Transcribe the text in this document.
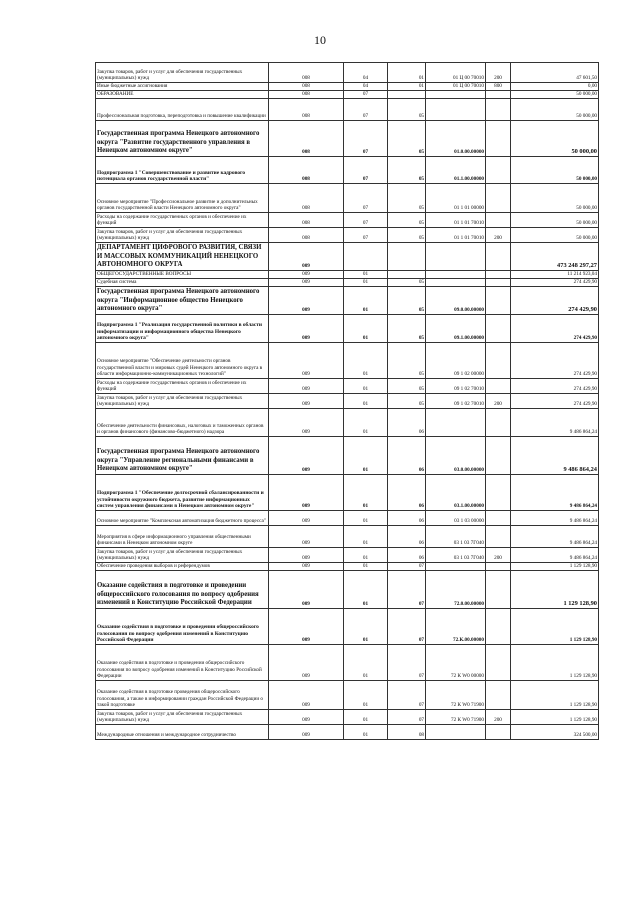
10
Закупка товаров, работ и услуг для обеспечения государственных (муниципальных) нужд	008	04	01	01 Ц 00 70010	200	47 601,50
Иные бюджетные ассигнования	008	04	01	01 Ц 00 70010	800	0,00
ОБРАЗОВАНИЕ	008	07				50 000,00
Профессиональная подготовка, переподготовка и повышение квалификации	008	07	05			50 000,00
Государственная программа Ненецкого автономного округа "Развитие государственного управления в Ненецком автономном округе"	008	07	05	01.0.00.00000		50 000,00
Подпрограмма 1 "Совершенствование и развитие кадрового потенциала органов государственной власти"	008	07	05	01.1.00.00000		50 000,00
Основное мероприятие "Профессиональное развитие и дополнительных органов государственной власти Ненецкого автономного округа"	008	07	05	01 1 01 00000		50 000,00
Расходы на содержание государственных органов и обеспечение их функций	008	07	05	01 1 01 70010		50 000,00
Закупка товаров, работ и услуг для обеспечения государственных (муниципальных) нужд	008	07	05	01 1 01 70010	200	50 000,00
ДЕПАРТАМЕНТ ЦИФРОВОГО РАЗВИТИЯ, СВЯЗИ И МАССОВЫХ КОММУНИКАЦИЙ НЕНЕЦКОГО АВТОНОМНОГО ОКРУГА	009					473 248 297,27
ОБЩЕГОСУДАРСТВЕННЫЕ ВОПРОСЫ	009	01				11 214 923,04
Судебная система	009	01	05			274 429,90
Государственная программа Ненецкого автономного округа "Информационное общество Ненецкого автономного округа"	009	01	05	09.0.00.00000		274 429,90
Подпрограмма 1 "Реализация государственной политики в области информатизации и информационного общества Ненецкого автономного округа"	009	01	05	09.1.00.00000		274 429,90
Основное мероприятие "Обеспечение деятельности органов государственной власти и мировых судей Ненецкого автономного округа в области информационно-коммуникационных технологий"	009	01	05	09 1 02 00000		274 429,90
Расходы на содержание государственных органов и обеспечение их функций	009	01	05	09 1 02 70010		274 429,90
Закупка товаров, работ и услуг для обеспечения государственных (муниципальных) нужд	009	01	05	09 1 02 70010	200	274 429,90
Обеспечение деятельности финансовых, налоговых и таможенных органов и органов финансового (финансово-бюджетного) надзора	009	01	06			9 486 864,24
Государственная программа Ненецкого автономного округа "Управление региональными финансами в Ненецком автономном округе"	009	01	06	03.0.00.00000		9 486 864,24
Подпрограмма 1 "Обеспечение долгосрочной сбалансированности и устойчивости окружного бюджета, развитие информационных систем управления финансами в Ненецком автономном округе"	009	01	06	03.1.00.00000		9 486 864,24
Основное мероприятие "Комплексная автоматизация бюджетного процесса"	009	01	06	03 1 03 00000		9 486 864,24
Мероприятия в сфере информационного управления общественными финансами в Ненецком автономном округе	009	01	06	03 1 03 7Г040		9 486 864,24
Закупка товаров, работ и услуг для обеспечения государственных (муниципальных) нужд	009	01	06	03 1 03 7Г040	200	9 486 864,24
Обеспечение проведения выборов и референдумов	009	01	07			1 129 128,90
Оказание содействия в подготовке и проведении общероссийского голосования по вопросу одобрения изменений в Конституцию Российской Федерации	009	01	07	72.0.00.00000		1 129 128,90
Оказание содействия в подготовке и проведении общероссийского голосования по вопросу одобрения изменений в Конституцию Российской Федерации	009	01	07	72.К.00.00000		1 129 128,90
Оказание содействия в подготовке и проведении общероссийского голосования по вопросу одобрения изменений в Конституцию Российской Федерации	009	01	07	72 К W0 00000		1 129 128,90
Оказание содействия в подготовке проведения общероссийского голосования, а также в информировании граждан Российской Федерации о такой подготовке	009	01	07	72 К W0 71900		1 129 128,90
Закупка товаров, работ и услуг для обеспечения государственных (муниципальных) нужд	009	01	07	72 К W0 71900	200	1 129 128,90
Международные отношения и международное сотрудничество	009	01	08			324 500,00
